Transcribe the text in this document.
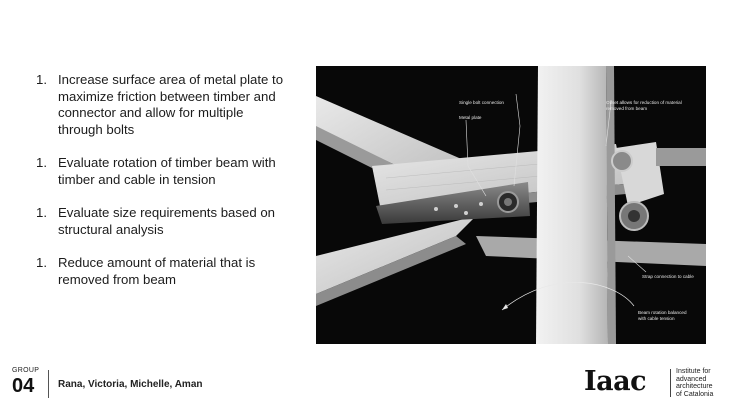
1. Increase surface area of metal plate to maximize friction between timber and connector and allow for multiple through bolts
1. Evaluate rotation of timber beam with timber and cable in tension
1. Evaluate size requirements based on structural analysis
1. Reduce amount of material that is removed from beam
Single bolt connection
Metal plate
Offset allows for reduction of material
removed from beam
Strap connection to cable
Beam rotation balanced
with cable tension
GROUP
04	Rana, Victoria, Michelle, Aman	Iaac	Institute for
advanced
architecture
of Catalonia
